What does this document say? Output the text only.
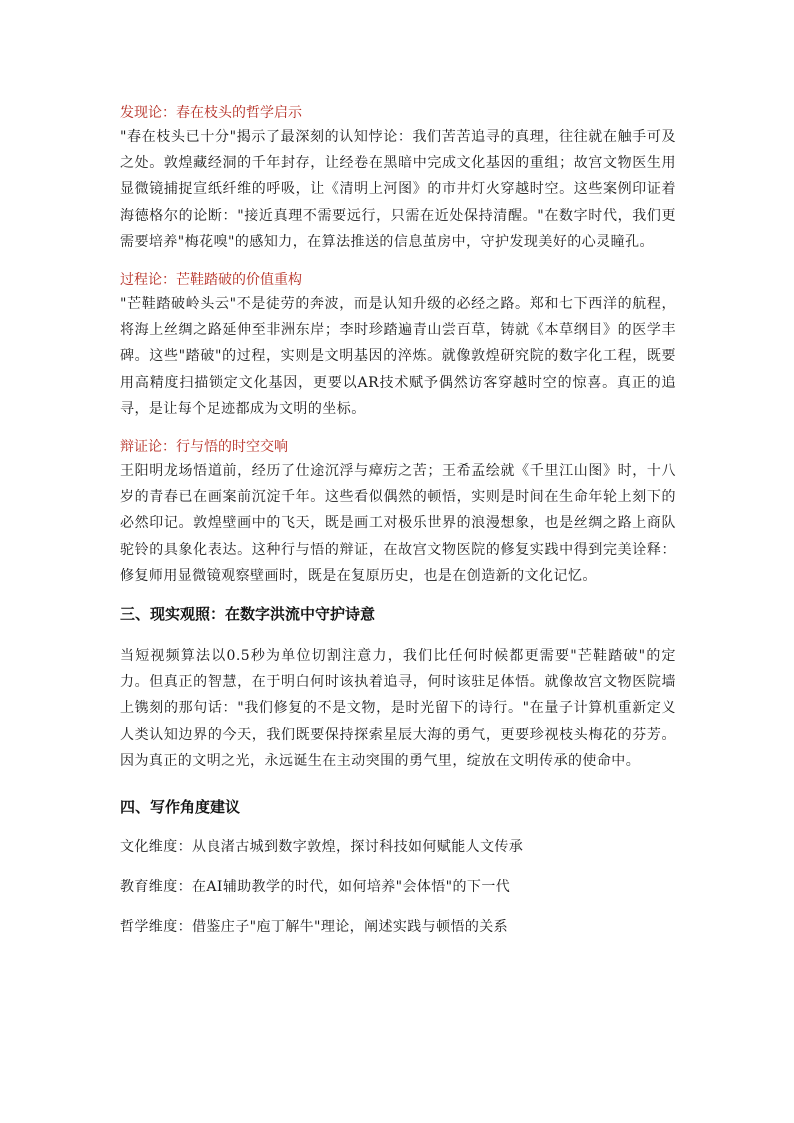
发现论：春在枝头的哲学启示

"春在枝头已十分"揭示了最深刻的认知悖论：我们苦苦追寻的真理，往往就在触手可及之处。敦煌藏经洞的千年封存，让经卷在黑暗中完成文化基因的重组；故宫文物医生用显微镜捕捉宣纸纤维的呼吸，让《清明上河图》的市井灯火穿越时空。这些案例印证着海德格尔的论断："接近真理不需要远行，只需在近处保持清醒。"在数字时代，我们更需要培养"梅花嗅"的感知力，在算法推送的信息茧房中，守护发现美好的心灵瞳孔。

过程论：芒鞋踏破的价值重构

"芒鞋踏破岭头云"不是徒劳的奔波，而是认知升级的必经之路。郑和七下西洋的航程，将海上丝绸之路延伸至非洲东岸；李时珍踏遍青山尝百草，铸就《本草纲目》的医学丰碑。这些"踏破"的过程，实则是文明基因的淬炼。就像敦煌研究院的数字化工程，既要用高精度扫描锁定文化基因，更要以AR技术赋予偶然访客穿越时空的惊喜。真正的追寻，是让每个足迹都成为文明的坐标。

辩证论：行与悟的时空交响

王阳明龙场悟道前，经历了仕途沉浮与瘴疠之苦；王希孟绘就《千里江山图》时，十八岁的青春已在画案前沉淀千年。这些看似偶然的顿悟，实则是时间在生命年轮上刻下的必然印记。敦煌壁画中的飞天，既是画工对极乐世界的浪漫想象，也是丝绸之路上商队驼铃的具象化表达。这种行与悟的辩证，在故宫文物医院的修复实践中得到完美诠释：修复师用显微镜观察壁画时，既是在复原历史，也是在创造新的文化记忆。

三、现实观照：在数字洪流中守护诗意

当短视频算法以0.5秒为单位切割注意力，我们比任何时候都更需要"芒鞋踏破"的定力。但真正的智慧，在于明白何时该执着追寻，何时该驻足体悟。就像故宫文物医院墙上镌刻的那句话："我们修复的不是文物，是时光留下的诗行。"在量子计算机重新定义人类认知边界的今天，我们既要保持探索星辰大海的勇气，更要珍视枝头梅花的芬芳。因为真正的文明之光，永远诞生在主动突围的勇气里，绽放在文明传承的使命中。

四、写作角度建议

文化维度：从良渚古城到数字敦煌，探讨科技如何赋能人文传承

教育维度：在AI辅助教学的时代，如何培养"会体悟"的下一代

哲学维度：借鉴庄子"庖丁解牛"理论，阐述实践与顿悟的关系
